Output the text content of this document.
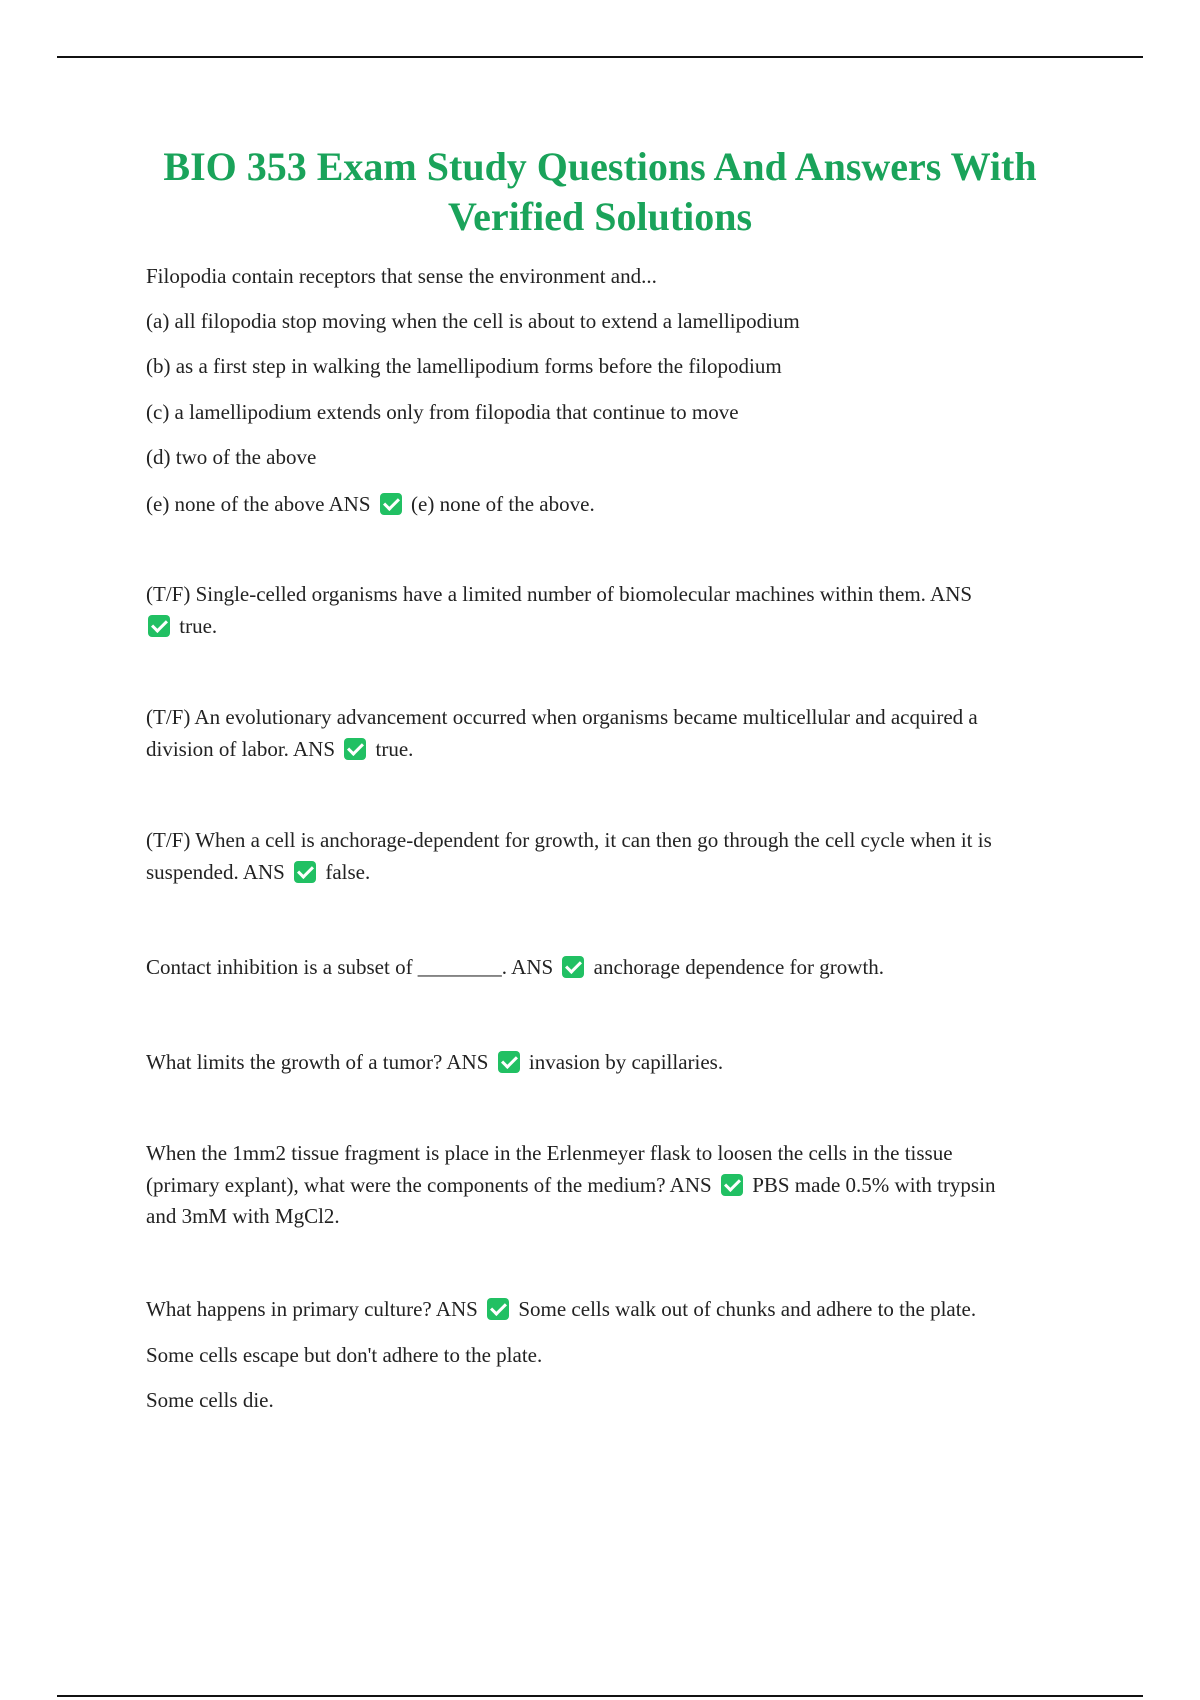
BIO 353 Exam Study Questions And Answers With Verified Solutions
Filopodia contain receptors that sense the environment and...
(a) all filopodia stop moving when the cell is about to extend a lamellipodium
(b) as a first step in walking the lamellipodium forms before the filopodium
(c) a lamellipodium extends only from filopodia that continue to move
(d) two of the above
(e) none of the above ANS (e) none of the above.
(T/F) Single-celled organisms have a limited number of biomolecular machines within them. ANS
true.
(T/F) An evolutionary advancement occurred when organisms became multicellular and acquired a
division of labor. ANS true.
(T/F) When a cell is anchorage-dependent for growth, it can then go through the cell cycle when it is
suspended. ANS false.
Contact inhibition is a subset of ________. ANS anchorage dependence for growth.
What limits the growth of a tumor? ANS invasion by capillaries.
When the 1mm2 tissue fragment is place in the Erlenmeyer flask to loosen the cells in the tissue
(primary explant), what were the components of the medium? ANS PBS made 0.5% with trypsin
and 3mM with MgCl2.
What happens in primary culture? ANS Some cells walk out of chunks and adhere to the plate.
Some cells escape but don't adhere to the plate.
Some cells die.
